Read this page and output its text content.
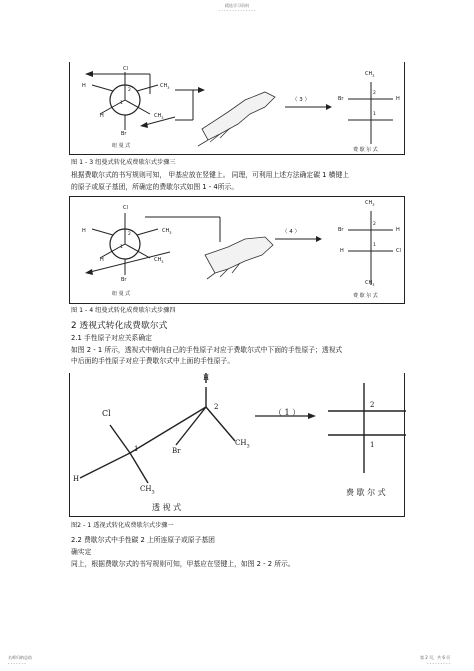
精选学习资料
- - - - - - - - - - - - - -
Cl
H	$CH_3$
H	$CH_3$
Br
2
1
纽 曼 式
（ 3 ）
$CH_3$
Br	H
2
1
费 歇 尔 式
图 1 - 3 纽曼式转化成费歇尔式步骤三
根据费歇尔式的书写规则可知， 甲基应放在竖键上。 同理，可利用上述方法确定碳 1 横键上
的原子或原子基团，所确定的费歇尔式如图 1 - 4所示。
Cl
H	$CH_3$
H	$CH_3$
Br
2
1
纽 曼 式
（ 4 ）
$CH_3$
Br	H
H	Cl
2
1
$CH_3$
费 歇 尔 式
图 1 - 4 纽曼式转化成费歇尔式步骤四
2 透视式转化成费歇尔式
2.1 手性原子对应关系确定
如图 2 - 1 所示，透视式中朝向自己的手性原子对应于费歇尔式中下面的手性原子；透视式
中后面的手性原子对应于费歇尔式中上面的手性原子。
Cl
H
2
1
$CH_3$
Br
H
$CH_3$
透 视 式
（ 1 ）
2
1
费 歇 尔 式
图2 - 1 透视式转化成费歇尔式步骤一
2.2 费歇尔式中手性碳 2 上所连原子或原子基团
确实定
同上，根据费歇尔式的书写规则可知，甲基应在竖键上，如图 2 - 2 所示。
名师归纳总结
- - - - - - -
第 2 页，共 6 页
- - - - - - - - -
